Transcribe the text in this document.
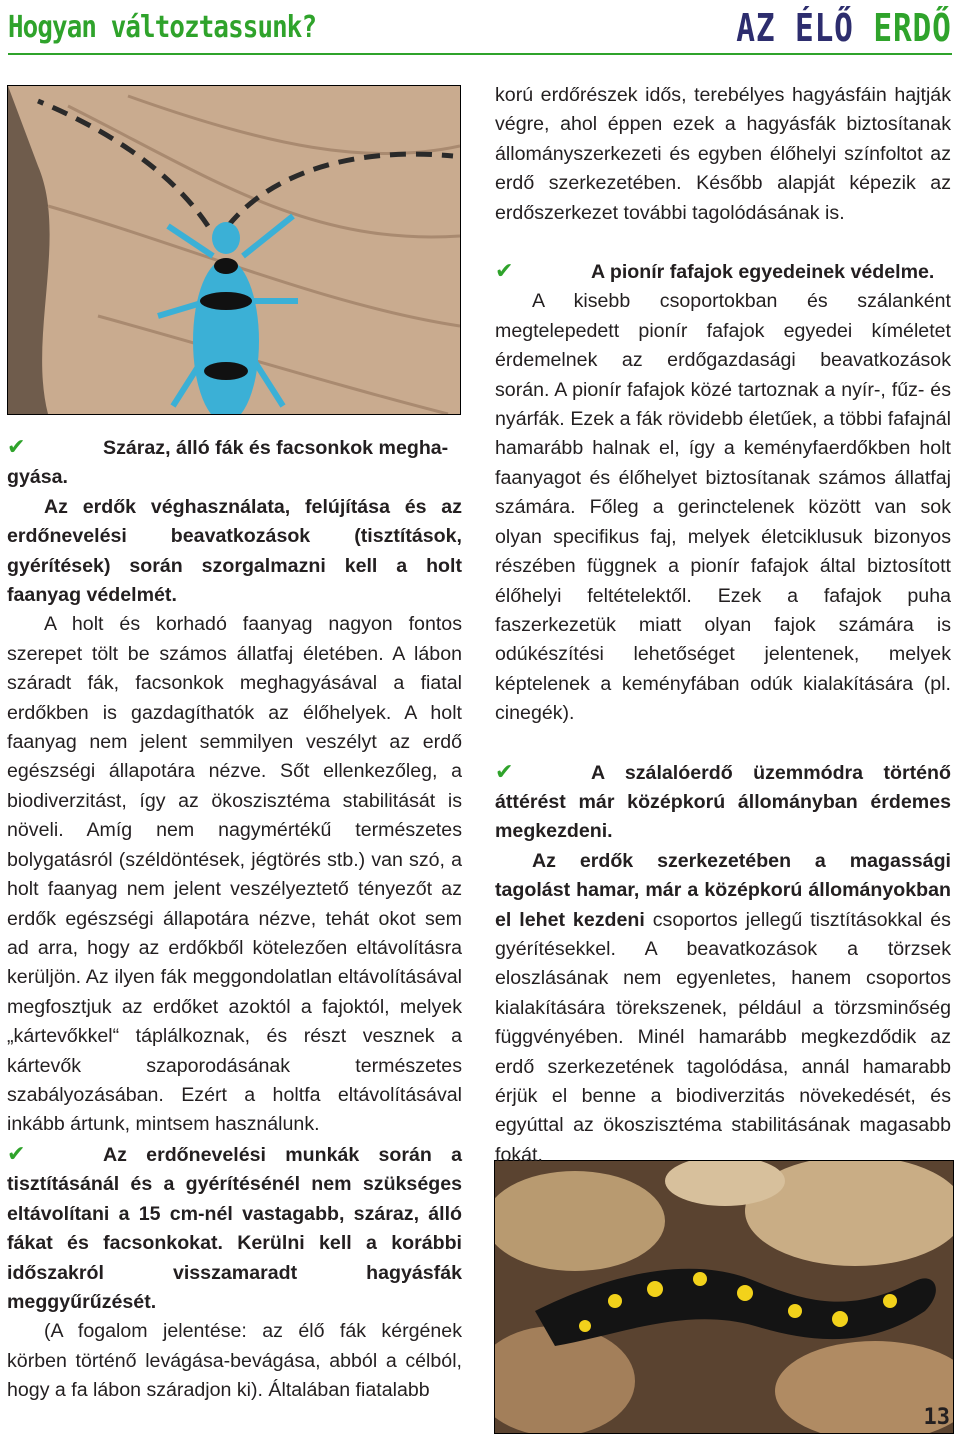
Hogyan változtassunk?	AZ ÉLŐ ERDŐ

✔	Száraz, álló fák és facsonkok megha-
gyása.

Az erdők véghasználata, felújítása és az erdőnevelési beavatkozások (tisztítások, gyérítések) során szorgalmazni kell a holt faanyag védelmét.

A holt és korhadó faanyag nagyon fontos szerepet tölt be számos állatfaj életében. A lábon száradt fák, facsonkok meghagyásával a fiatal erdőkben is gazdagíthatók az élőhelyek. A holt faanyag nem jelent semmilyen veszélyt az erdő egészségi állapotára nézve. Sőt ellenkezőleg, a biodiverzitást, így az ökoszisztéma stabilitását is növeli. Amíg nem nagymértékű természetes bolygatásról (széldöntések, jégtörés stb.) van szó, a holt faanyag nem jelent veszélyeztető tényezőt az erdők egészségi állapotára nézve, tehát okot sem ad arra, hogy az erdőkből kötelezően eltávolításra kerüljön. Az ilyen fák meggondolatlan eltávolításával megfosztjuk az erdőket azoktól a fajoktól, melyek „kártevőkkel“ táplálkoznak, és részt vesznek a kártevők szaporodásának természetes szabályozásában. Ezért a holtfa eltávolításával inkább ártunk, mintsem használunk.

✔	Az erdőnevelési munkák során a tisztításánál és a gyérítésénél nem szükséges eltávolítani a 15 cm-nél vastagabb, száraz, álló fákat és facsonkokat. Kerülni kell a korábbi időszakról visszamaradt hagyásfák meggyűrűzését.

(A fogalom jelentése: az élő fák kérgének körben történő levágása-bevágása, abból a célból, hogy a fa lábon száradjon ki). Általában fiatalabb

korú erdőrészek idős, terebélyes hagyásfáin hajtják végre, ahol éppen ezek a hagyásfák biztosítanak állományszerkezeti és egyben élőhelyi színfoltot az erdő szerkezetében. Később alapját képezik az erdőszerkezet további tagolódásának is.

✔	A pionír fafajok egyedeinek védelme.

A kisebb csoportokban és szálanként megtelepedett pionír fafajok egyedei kíméletet érdemelnek az erdőgazdasági beavatkozások során. A pionír fafajok közé tartoznak a nyír-, fűz- és nyárfák. Ezek a fák rövidebb életűek, a többi fafajnál hamarább halnak el, így a keményfaerdőkben holt faanyagot és élőhelyet biztosítanak számos állatfaj számára. Főleg a gerinctelenek között van sok olyan specifikus faj, melyek életciklusuk bizonyos részében függnek a pionír fafajok által biztosított élőhelyi feltételektől. Ezek a fafajok puha faszerkezetük miatt olyan fajok számára is odúkészítési lehetőséget jelentenek, melyek képtelenek a keményfában odúk kialakítására (pl. cinegék).

✔	A szálalóerdő üzemmódra történő áttérést már középkorú állományban érdemes megkezdeni.

Az erdők szerkezetében a magassági tagolást hamar, már a középkorú állományokban el lehet kezdeni csoportos jellegű tisztításokkal és gyérítésekkel. A beavatkozások a törzsek eloszlásának nem egyenletes, hanem csoportos kialakítására törekszenek, például a törzsminőség függvényében. Minél hamarább megkezdődik az erdő szerkezetének tagolódása, annál hamarabb érjük el benne a biodiverzitás növekedését, és egyúttal az ökoszisztéma stabilitásának magasabb fokát.

13
